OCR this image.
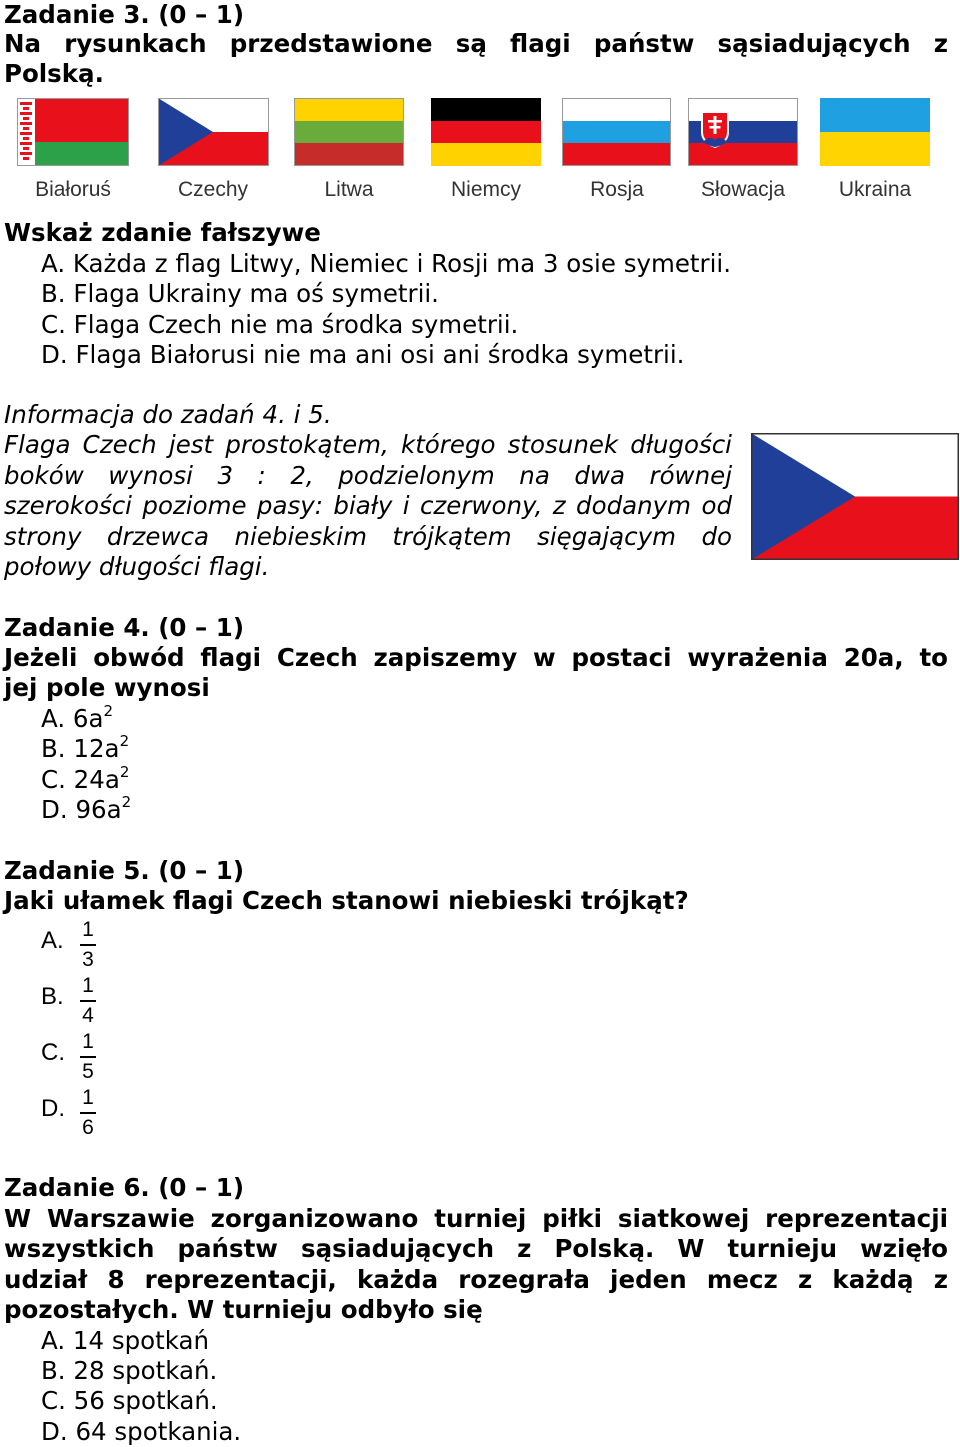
Zadanie 3. (0 – 1)
Na rysunkach przedstawione są flagi państw sąsiadujących z
Polską.
Białoruś	Czechy	Litwa	Niemcy	Rosja	Słowacja	Ukraina
Wskaż zdanie fałszywe
A. Każda z flag Litwy, Niemiec i Rosji ma 3 osie symetrii.
B. Flaga Ukrainy ma oś symetrii.
C. Flaga Czech nie ma środka symetrii.
D. Flaga Białorusi nie ma ani osi ani środka symetrii.
Informacja do zadań 4. i 5.
Flaga Czech jest prostokątem, którego stosunek długości
boków wynosi 3 : 2, podzielonym na dwa równej
szerokości poziome pasy: biały i czerwony, z dodanym od
strony drzewca niebieskim trójkątem sięgającym do
połowy długości flagi.
Zadanie 4. (0 – 1)
Jeżeli obwód flagi Czech zapiszemy w postaci wyrażenia 20a, to
jej pole wynosi
A. $6a^2$
B. $12a^2$
C. $24a^2$
D. $96a^2$
Zadanie 5. (0 – 1)
Jaki ułamek flagi Czech stanowi niebieski trójkąt?
A. 1
3
B. 1
4
C. 1
5
D. 1
6
Zadanie 6. (0 – 1)
W Warszawie zorganizowano turniej piłki siatkowej reprezentacji
wszystkich państw sąsiadujących z Polską. W turnieju wzięło
udział 8 reprezentacji, każda rozegrała jeden mecz z każdą z
pozostałych. W turnieju odbyło się
A. 14 spotkań
B. 28 spotkań.
C. 56 spotkań.
D. 64 spotkania.
